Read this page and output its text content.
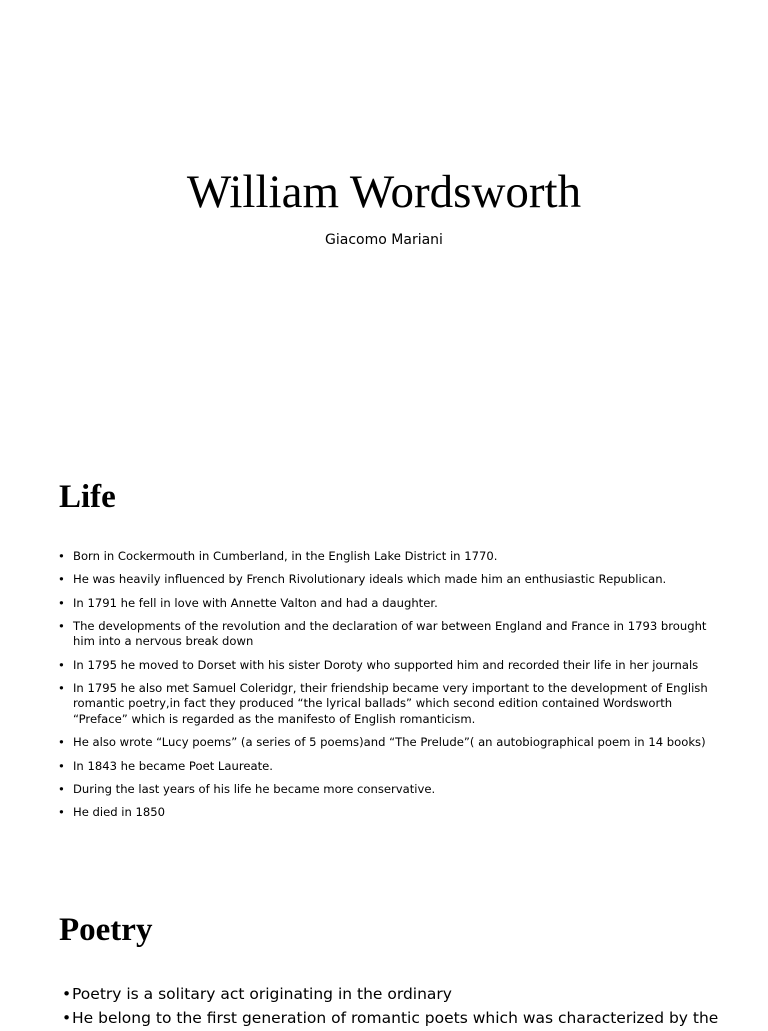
William Wordsworth

Giacomo Mariani

Life
• Born in Cockermouth in Cumberland, in the English Lake District in 1770.
• He was heavily influenced by French Rivolutionary ideals which made him an enthusiastic Republican.
• In 1791 he fell in love with Annette Valton and had a daughter.
• The developments of the revolution and the declaration of war between England and France in 1793 brought him into a nervous break down
• In 1795 he moved to Dorset with his sister Doroty who supported him and recorded their life in her journals
• In 1795 he also met Samuel Coleridgr, their friendship became very important to the development of English romantic poetry,in fact they produced “the lyrical ballads” which second edition contained Wordsworth “Preface” which is regarded as the manifesto of English romanticism.
• He also wrote “Lucy poems” (a series of 5 poems)and “The Prelude”( an autobiographical poem in 14 books)
• In 1843 he became Poet Laureate.
• During the last years of his life he became more conservative.
• He died in 1850
Poetry
• Poetry is a solitary act originating in the ordinary
• He belong to the first generation of romantic poets which was characterized by the
